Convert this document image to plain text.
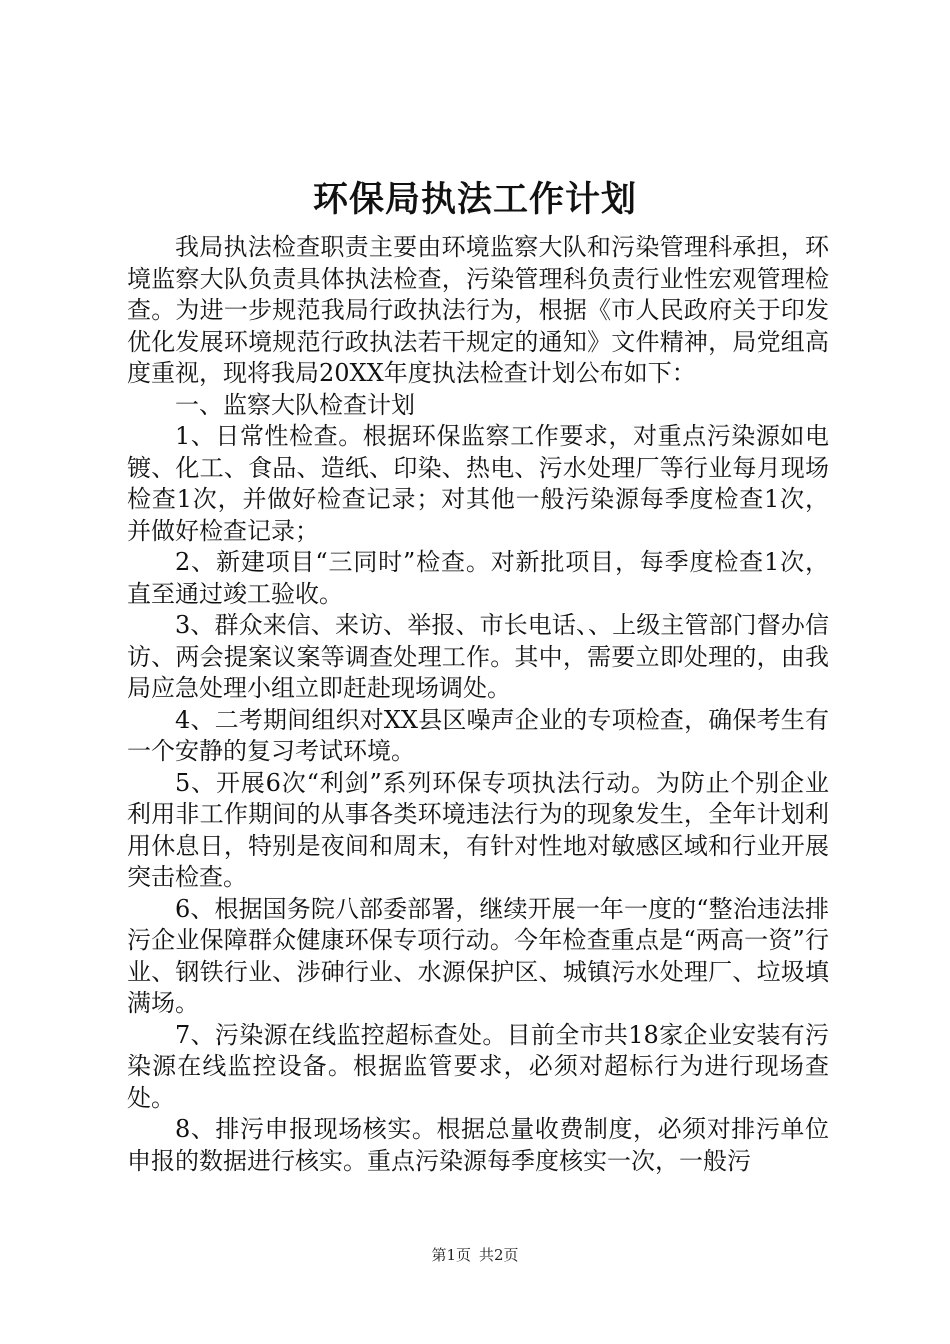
环保局执法工作计划

我局执法检查职责主要由环境监察大队和污染管理科承担，环境监察大队负责具体执法检查，污染管理科负责行业性宏观管理检查。为进一步规范我局行政执法行为，根据《市人民政府关于印发优化发展环境规范行政执法若干规定的通知》文件精神，局党组高度重视，现将我局20XX年度执法检查计划公布如下：

一、监察大队检查计划

1、日常性检查。根据环保监察工作要求，对重点污染源如电镀、化工、食品、造纸、印染、热电、污水处理厂等行业每月现场检查1次，并做好检查记录；对其他一般污染源每季度检查1次，并做好检查记录；

2、新建项目“三同时”检查。对新批项目，每季度检查1次，直至通过竣工验收。

3、群众来信、来访、举报、市长电话、、上级主管部门督办信访、两会提案议案等调查处理工作。其中，需要立即处理的，由我局应急处理小组立即赶赴现场调处。

4、二考期间组织对XX县区噪声企业的专项检查，确保考生有一个安静的复习考试环境。

5、开展6次“利剑”系列环保专项执法行动。为防止个别企业利用非工作期间的从事各类环境违法行为的现象发生，全年计划利用休息日，特别是夜间和周末，有针对性地对敏感区域和行业开展突击检查。

6、根据国务院八部委部署，继续开展一年一度的“整治违法排污企业保障群众健康环保专项行动。今年检查重点是“两高一资”行业、钢铁行业、涉砷行业、水源保护区、城镇污水处理厂、垃圾填满场。

7、污染源在线监控超标查处。目前全市共18家企业安装有污染源在线监控设备。根据监管要求，必须对超标行为进行现场查处。

8、排污申报现场核实。根据总量收费制度，必须对排污单位申报的数据进行核实。重点污染源每季度核实一次，一般污

第1页 共2页
